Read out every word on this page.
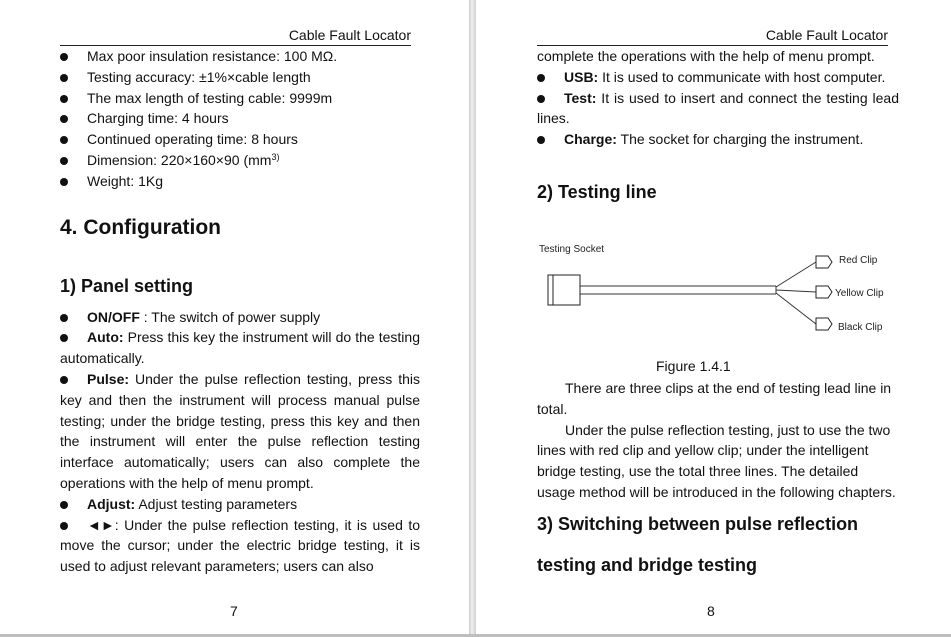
Cable Fault Locator

Max poor insulation resistance: 100 MΩ.

Testing accuracy: ±1%×cable length

The max length of testing cable: 9999m

Charging time: 4 hours

Continued operating time: 8 hours

Dimension: 220×160×90 ($mm^{3)}$

Weight: 1Kg

4. Configuration

1) Panel setting

ON/OFF : The switch of power supply

Auto: Press this key the instrument will do the testing automatically.

Pulse: Under the pulse reflection testing, press this key and then the instrument will process manual pulse testing; under the bridge testing, press this key and then the instrument will enter the pulse reflection testing interface automatically; users can also complete the operations with the help of menu prompt.

Adjust: Adjust testing parameters

◄►: Under the pulse reflection testing, it is used to move the cursor; under the electric bridge testing, it is used to adjust relevant parameters; users can also

7
Cable Fault Locator

complete the operations with the help of menu prompt.

USB: It is used to communicate with host computer.

Test: It is used to insert and connect the testing lead lines.

Charge: The socket for charging the instrument.

2) Testing line

Testing Socket
Red Clip
Yellow Clip
Black Clip
Figure 1.4.1

There are three clips at the end of testing lead line in total.

Under the pulse reflection testing, just to use the two lines with red clip and yellow clip; under the intelligent bridge testing, use the total three lines. The detailed usage method will be introduced in the following chapters.

3) Switching between pulse reflection

testing and bridge testing

8
